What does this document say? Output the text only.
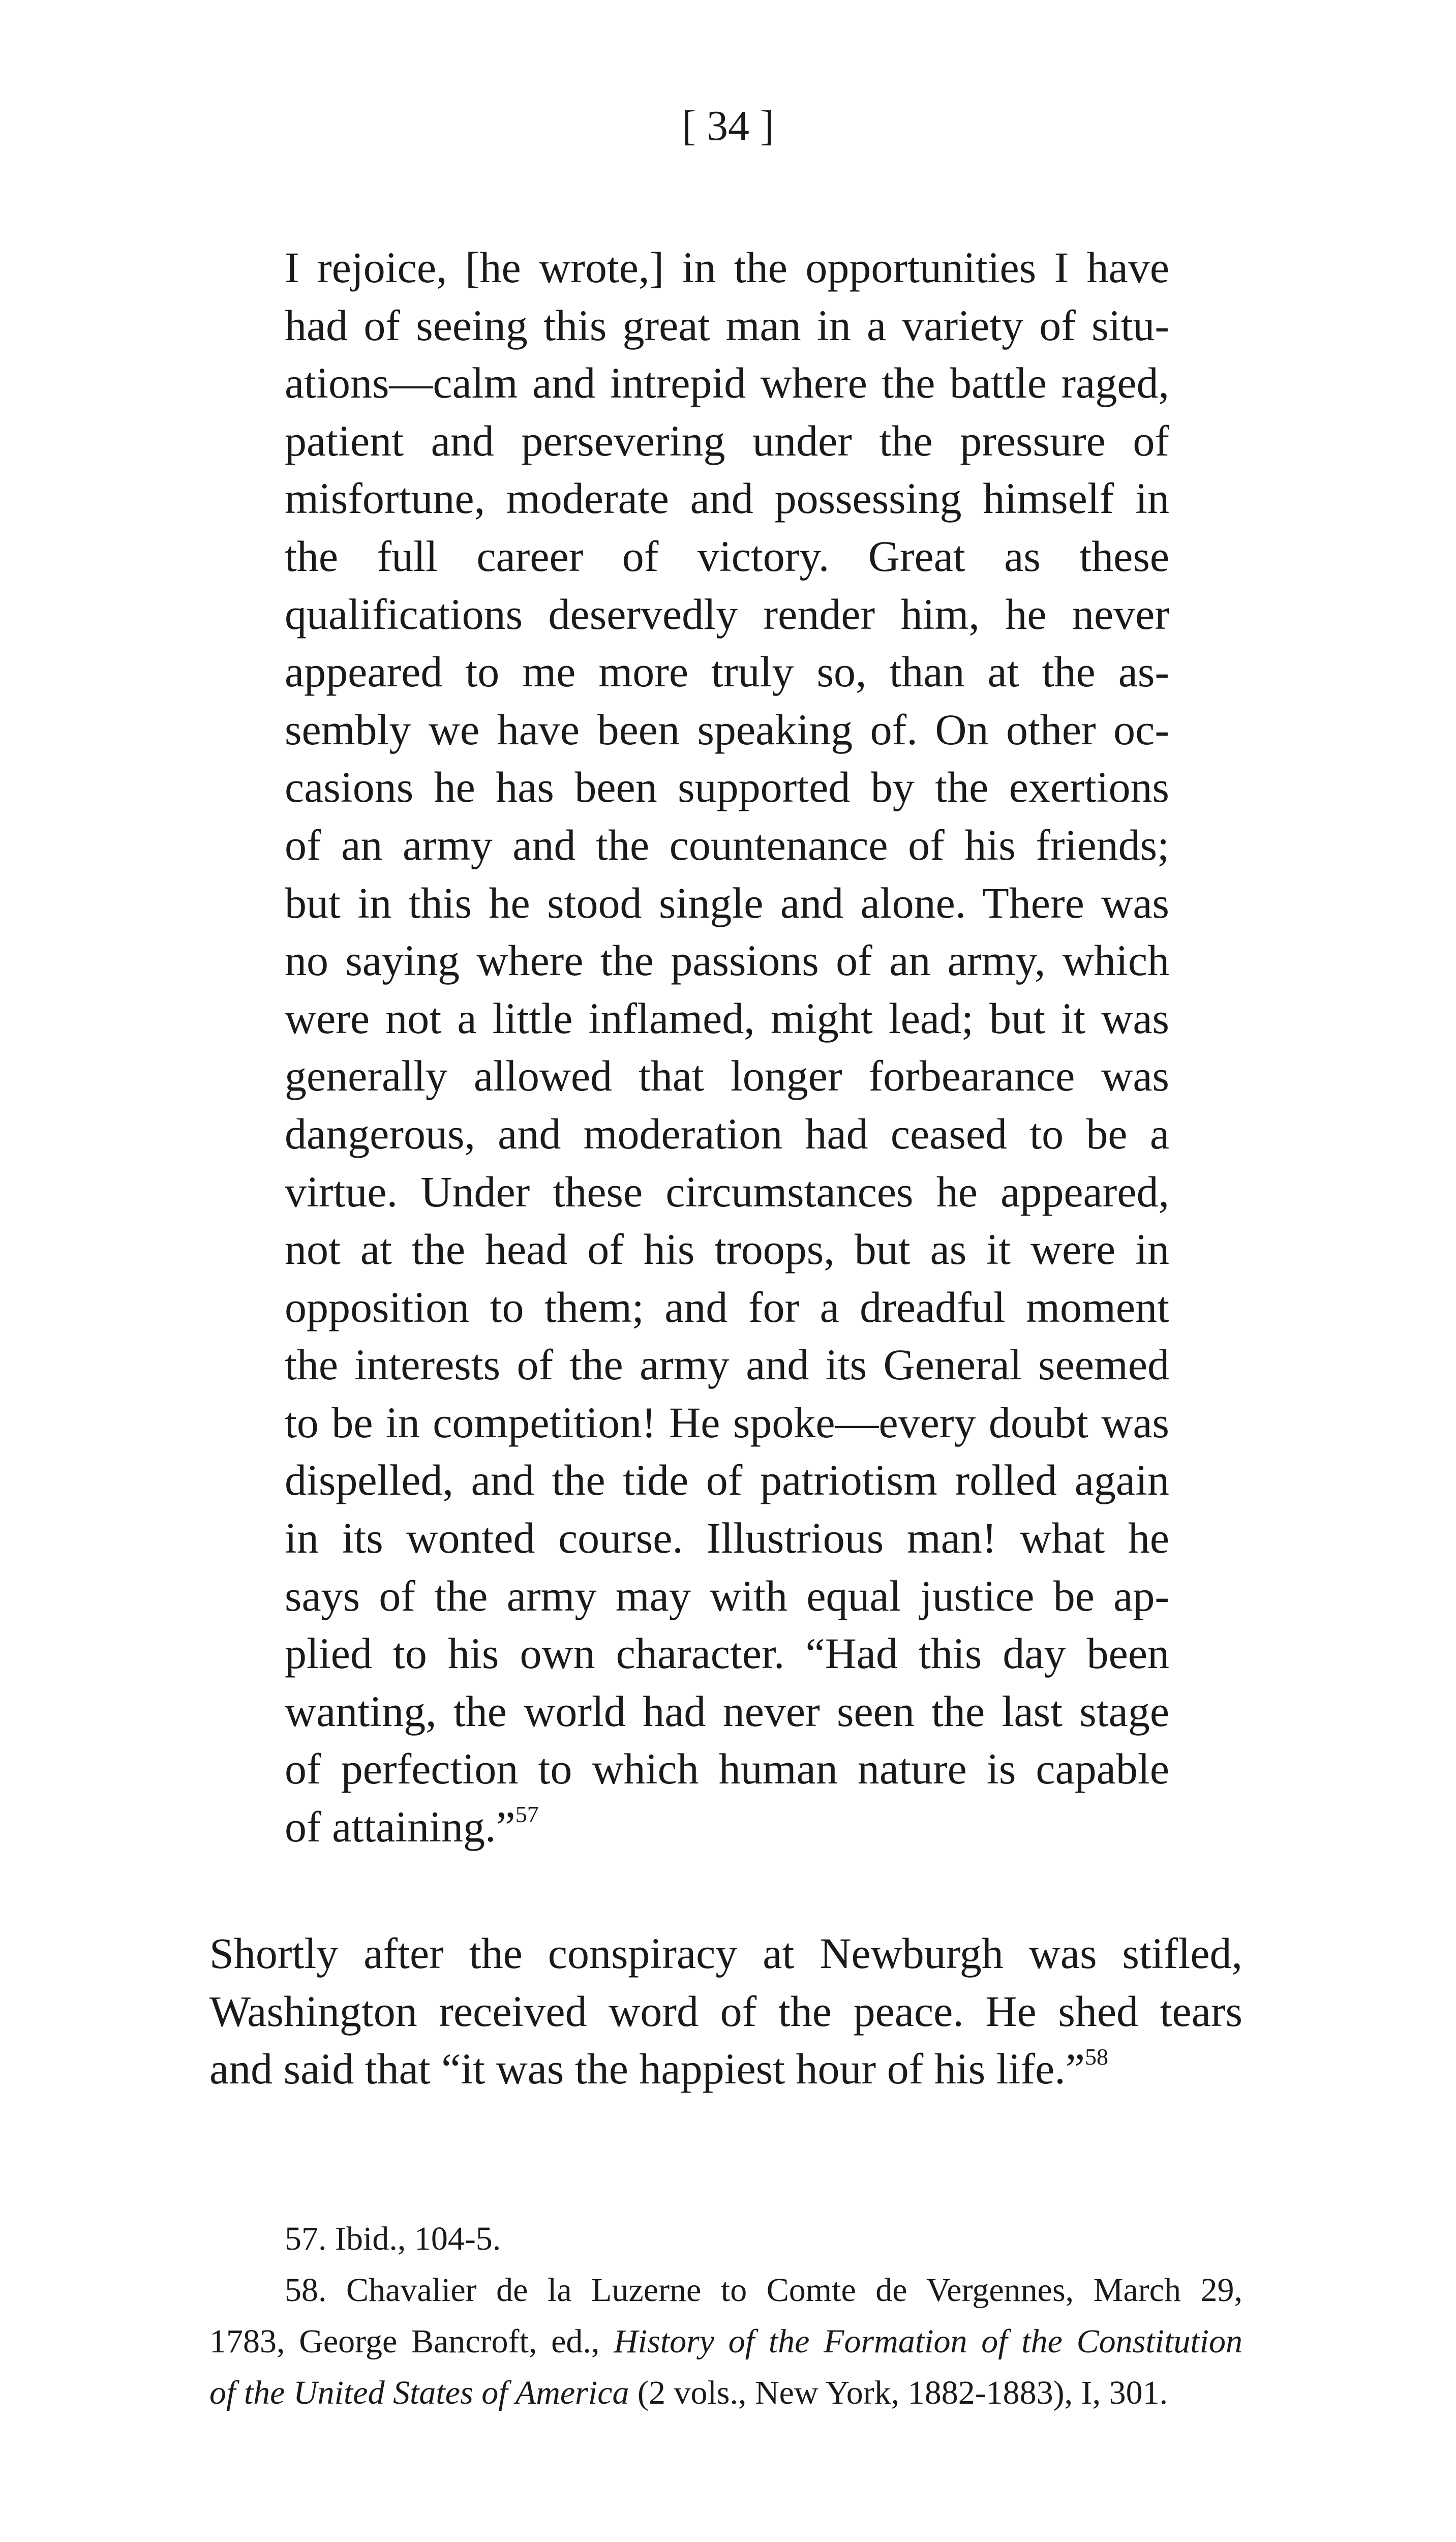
[ 34 ]
I rejoice, [he wrote,] in the opportunities I have
had of seeing this great man in a variety of situ-
ations—calm and intrepid where the battle raged,
patient and persevering under the pressure of
misfortune, moderate and possessing himself in
the full career of victory. Great as these
qualifications deservedly render him, he never
appeared to me more truly so, than at the as-
sembly we have been speaking of. On other oc-
casions he has been supported by the exertions
of an army and the countenance of his friends;
but in this he stood single and alone. There was
no saying where the passions of an army, which
were not a little inflamed, might lead; but it was
generally allowed that longer forbearance was
dangerous, and moderation had ceased to be a
virtue. Under these circumstances he appeared,
not at the head of his troops, but as it were in
opposition to them; and for a dreadful moment
the interests of the army and its General seemed
to be in competition! He spoke—every doubt was
dispelled, and the tide of patriotism rolled again
in its wonted course. Illustrious man! what he
says of the army may with equal justice be ap-
plied to his own character. “Had this day been
wanting, the world had never seen the last stage
of perfection to which human nature is capable
of attaining.”$^{57}$
Shortly after the conspiracy at Newburgh was stifled,
Washington received word of the peace. He shed tears
and said that “it was the happiest hour of his life.”$^{58}$
57. Ibid., 104-5.
58. Chavalier de la Luzerne to Comte de Vergennes, March 29,
1783, George Bancroft, ed., History of the Formation of the Constitution
of the United States of America (2 vols., New York, 1882-1883), I, 301.
